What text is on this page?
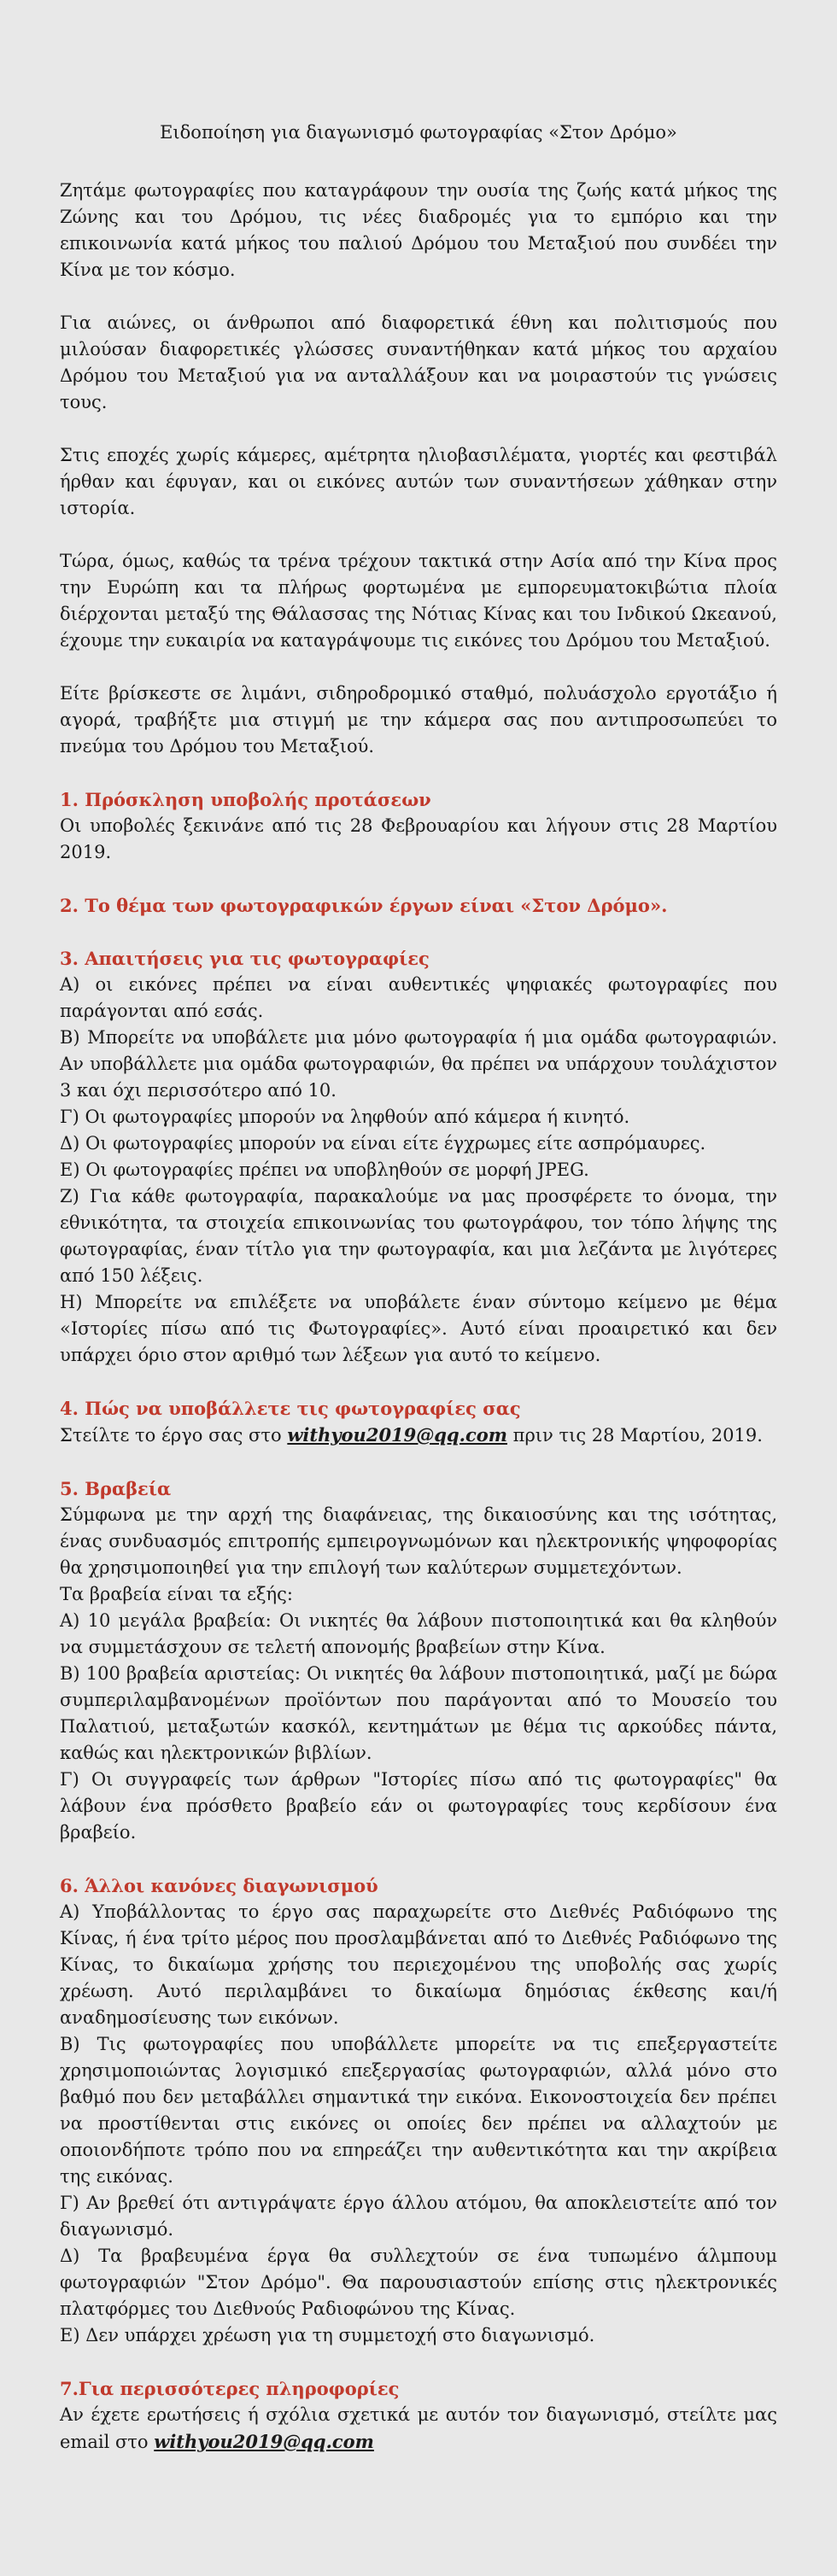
Ειδοποίηση για διαγωνισμό φωτογραφίας «Στον Δρόμο»

Ζητάμε φωτογραφίες που καταγράφουν την ουσία της ζωής κατά μήκος της Ζώνης και του Δρόμου, τις νέες διαδρομές για το εμπόριο και την επικοινωνία κατά μήκος του παλιού Δρόμου του Μεταξιού που συνδέει την Κίνα με τον κόσμο.

Για αιώνες, οι άνθρωποι από διαφορετικά έθνη και πολιτισμούς που μιλούσαν διαφορετικές γλώσσες συναντήθηκαν κατά μήκος του αρχαίου Δρόμου του Μεταξιού για να ανταλλάξουν και να μοιραστούν τις γνώσεις τους.

Στις εποχές χωρίς κάμερες, αμέτρητα ηλιοβασιλέματα, γιορτές και φεστιβάλ ήρθαν και έφυγαν, και οι εικόνες αυτών των συναντήσεων χάθηκαν στην ιστορία.

Τώρα, όμως, καθώς τα τρένα τρέχουν τακτικά στην Ασία από την Κίνα προς την Ευρώπη και τα πλήρως φορτωμένα με εμπορευματοκιβώτια πλοία διέρχονται μεταξύ της Θάλασσας της Νότιας Κίνας και του Ινδικού Ωκεανού, έχουμε την ευκαιρία να καταγράψουμε τις εικόνες του Δρόμου του Μεταξιού.

Είτε βρίσκεστε σε λιμάνι, σιδηροδρομικό σταθμό, πολυάσχολο εργοτάξιο ή αγορά, τραβήξτε μια στιγμή με την κάμερα σας που αντιπροσωπεύει το πνεύμα του Δρόμου του Μεταξιού.

1. Πρόσκληση υποβολής προτάσεων
Οι υποβολές ξεκινάνε από τις 28 Φεβρουαρίου και λήγουν στις 28 Μαρτίου 2019.
2. Το θέμα των φωτογραφικών έργων είναι «Στον Δρόμο».
3. Απαιτήσεις για τις φωτογραφίες
Α) οι εικόνες πρέπει να είναι αυθεντικές ψηφιακές φωτογραφίες που παράγονται από εσάς.
Β) Μπορείτε να υποβάλετε μια μόνο φωτογραφία ή μια ομάδα φωτογραφιών. Αν υποβάλλετε μια ομάδα φωτογραφιών, θα πρέπει να υπάρχουν τουλάχιστον 3 και όχι περισσότερο από 10.
Γ) Οι φωτογραφίες μπορούν να ληφθούν από κάμερα ή κινητό.
Δ) Οι φωτογραφίες μπορούν να είναι είτε έγχρωμες είτε ασπρόμαυρες.
Ε) Οι φωτογραφίες πρέπει να υποβληθούν σε μορφή JPEG.
Ζ) Για κάθε φωτογραφία, παρακαλούμε να μας προσφέρετε το όνομα, την εθνικότητα, τα στοιχεία επικοινωνίας του φωτογράφου, τον τόπο λήψης της φωτογραφίας, έναν τίτλο για την φωτογραφία, και μια λεζάντα με λιγότερες από 150 λέξεις.
Η) Μπορείτε να επιλέξετε να υποβάλετε έναν σύντομο κείμενο με θέμα «Ιστορίες πίσω από τις Φωτογραφίες». Αυτό είναι προαιρετικό και δεν υπάρχει όριο στον αριθμό των λέξεων για αυτό το κείμενο.
4. Πώς να υποβάλλετε τις φωτογραφίες σας
Στείλτε το έργο σας στο withyou2019@qq.com πριν τις 28 Μαρτίου, 2019.
5. Βραβεία
Σύμφωνα με την αρχή της διαφάνειας, της δικαιοσύνης και της ισότητας, ένας συνδυασμός επιτροπής εμπειρογνωμόνων και ηλεκτρονικής ψηφοφορίας θα χρησιμοποιηθεί για την επιλογή των καλύτερων συμμετεχόντων.
Τα βραβεία είναι τα εξής:
Α) 10 μεγάλα βραβεία: Οι νικητές θα λάβουν πιστοποιητικά και θα κληθούν να συμμετάσχουν σε τελετή απονομής βραβείων στην Κίνα.
Β) 100 βραβεία αριστείας: Οι νικητές θα λάβουν πιστοποιητικά, μαζί με δώρα συμπεριλαμβανομένων προϊόντων που παράγονται από το Μουσείο του Παλατιού, μεταξωτών κασκόλ, κεντημάτων με θέμα τις αρκούδες πάντα, καθώς και ηλεκτρονικών βιβλίων.
Γ) Οι συγγραφείς των άρθρων "Ιστορίες πίσω από τις φωτογραφίες" θα λάβουν ένα πρόσθετο βραβείο εάν οι φωτογραφίες τους κερδίσουν ένα βραβείο.
6. Άλλοι κανόνες διαγωνισμού
Α) Υποβάλλοντας το έργο σας παραχωρείτε στο Διεθνές Ραδιόφωνο της Κίνας, ή ένα τρίτο μέρος που προσλαμβάνεται από το Διεθνές Ραδιόφωνο της Κίνας, το δικαίωμα χρήσης του περιεχομένου της υποβολής σας χωρίς χρέωση. Αυτό περιλαμβάνει το δικαίωμα δημόσιας έκθεσης και/ή αναδημοσίευσης των εικόνων.
Β) Τις φωτογραφίες που υποβάλλετε μπορείτε να τις επεξεργαστείτε χρησιμοποιώντας λογισμικό επεξεργασίας φωτογραφιών, αλλά μόνο στο βαθμό που δεν μεταβάλλει σημαντικά την εικόνα. Εικονοστοιχεία δεν πρέπει να προστίθενται στις εικόνες οι οποίες δεν πρέπει να αλλαχτούν με οποιονδήποτε τρόπο που να επηρεάζει την αυθεντικότητα και την ακρίβεια της εικόνας.
Γ) Αν βρεθεί ότι αντιγράψατε έργο άλλου ατόμου, θα αποκλειστείτε από τον διαγωνισμό.
Δ) Τα βραβευμένα έργα θα συλλεχτούν σε ένα τυπωμένο άλμπουμ φωτογραφιών "Στον Δρόμο". Θα παρουσιαστούν επίσης στις ηλεκτρονικές πλατφόρμες του Διεθνούς Ραδιοφώνου της Κίνας.
Ε) Δεν υπάρχει χρέωση για τη συμμετοχή στο διαγωνισμό.
7.Για περισσότερες πληροφορίες
Αν έχετε ερωτήσεις ή σχόλια σχετικά με αυτόν τον διαγωνισμό, στείλτε μας email στο withyou2019@qq.com
